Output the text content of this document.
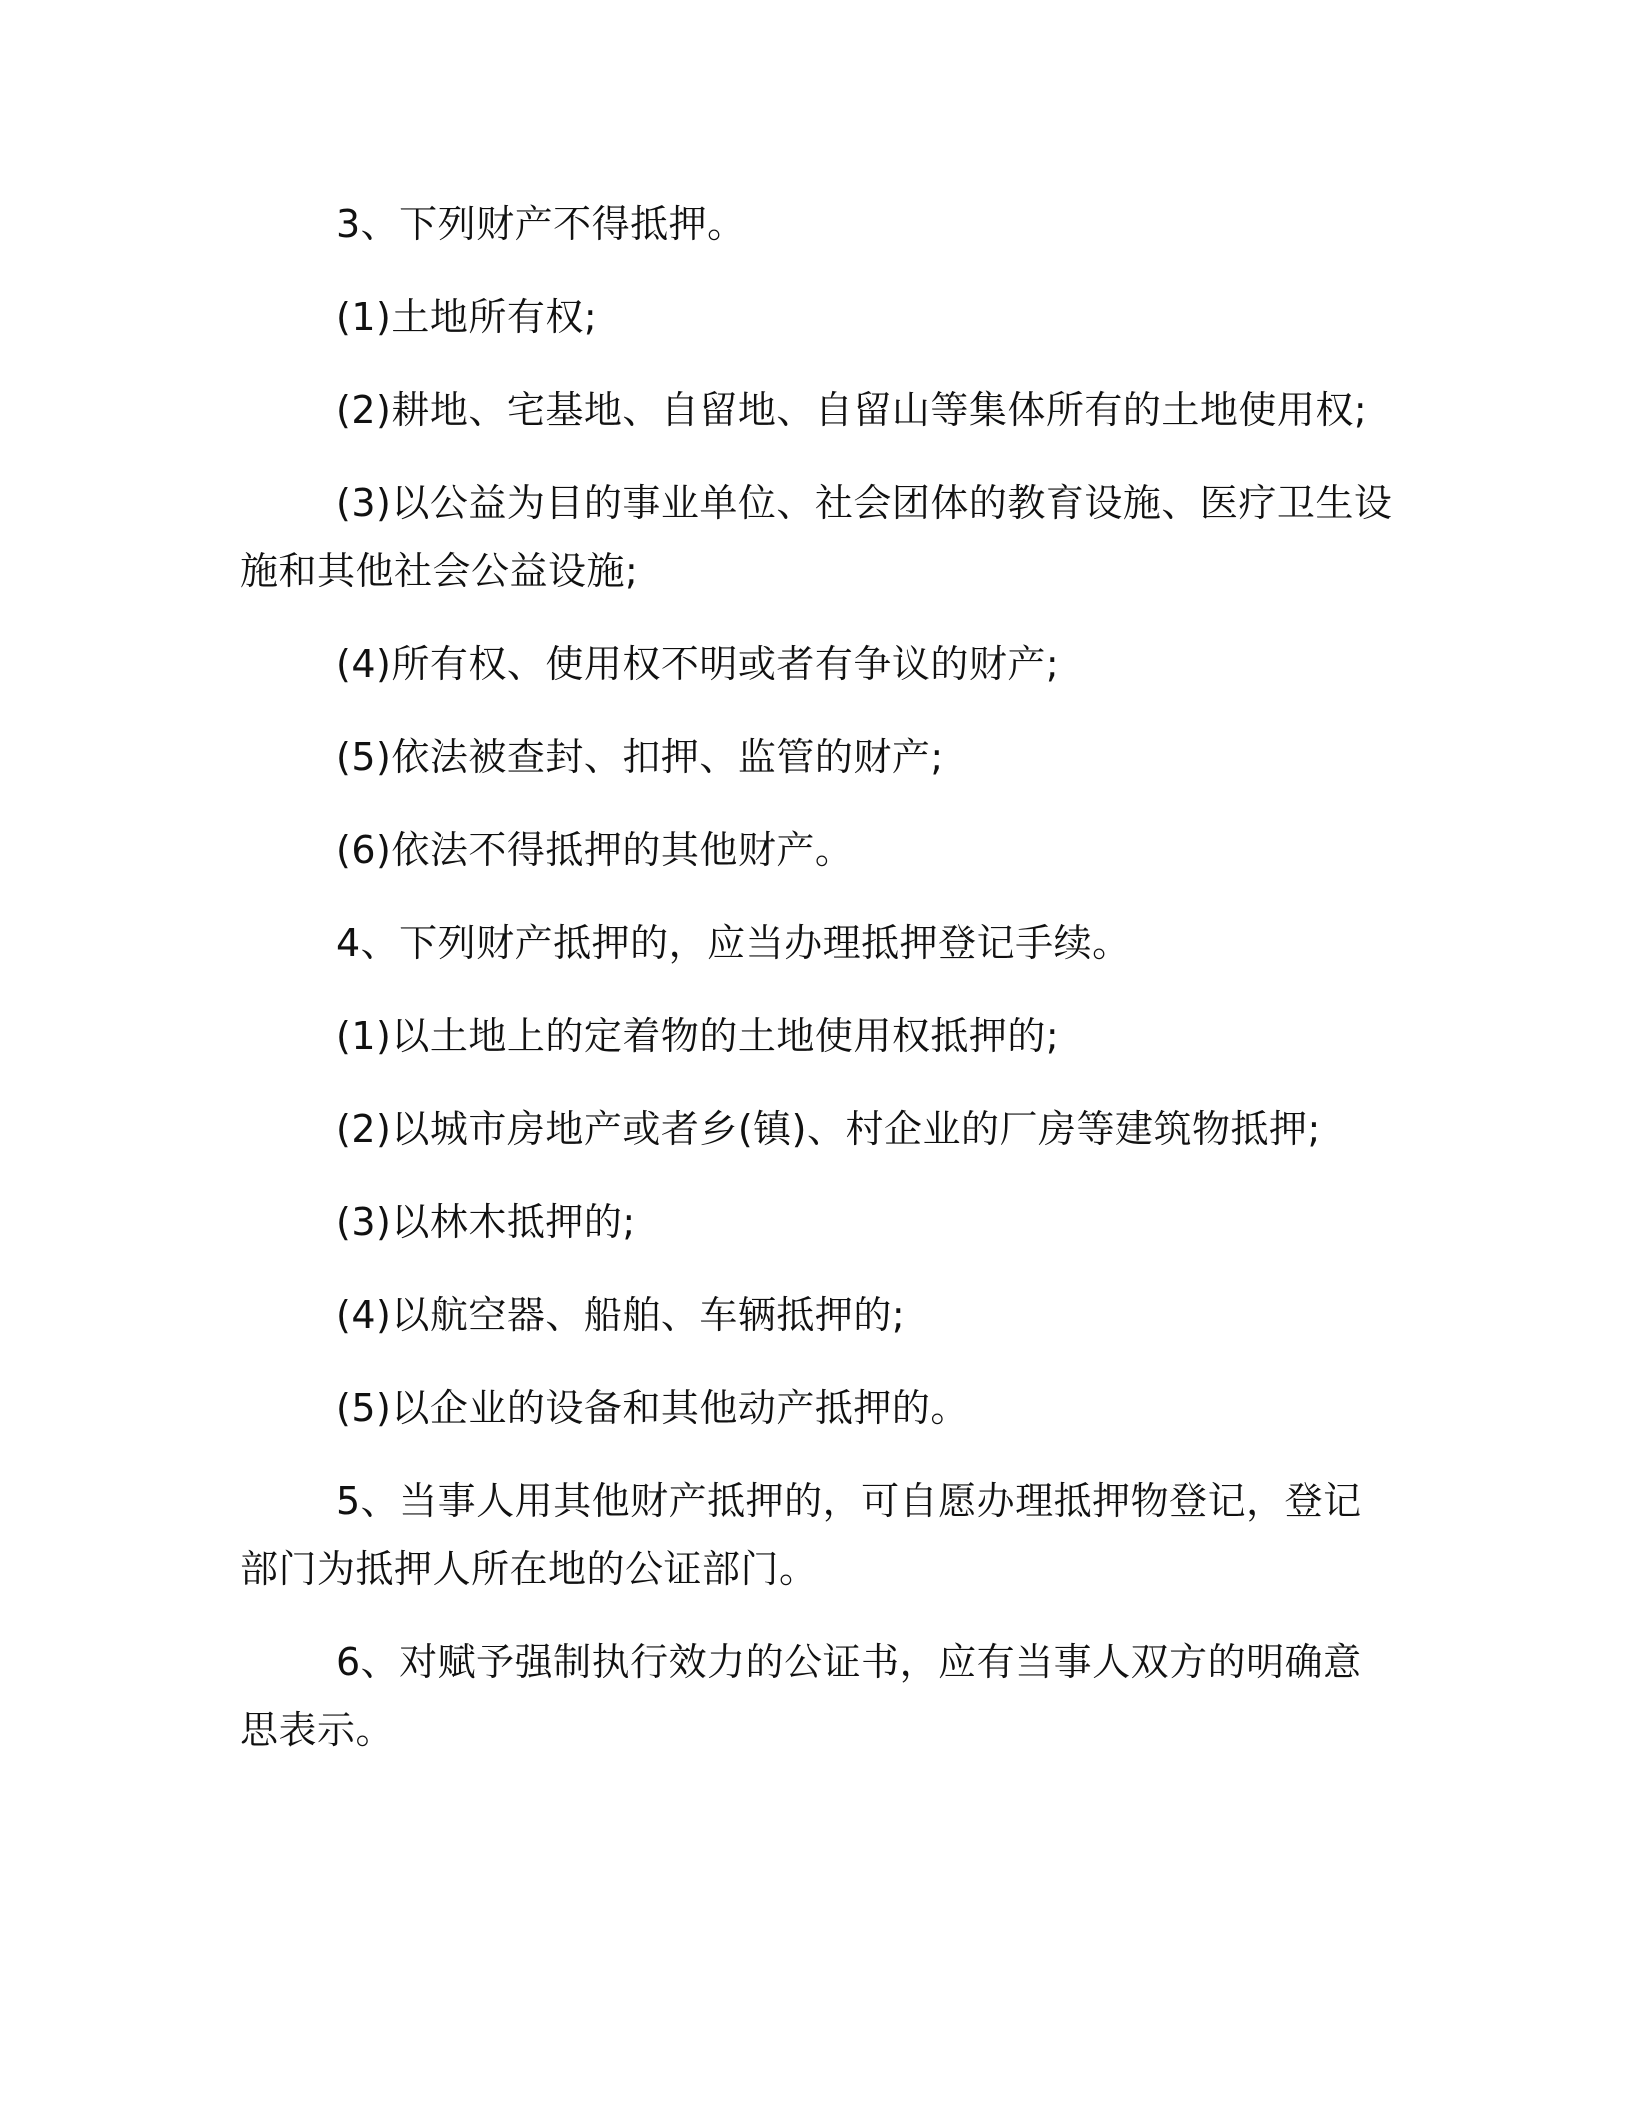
3、下列财产不得抵押。

(1)土地所有权;

(2)耕地、宅基地、自留地、自留山等集体所有的土地使用权;

(3)以公益为目的事业单位、社会团体的教育设施、医疗卫生设施和其他社会公益设施;

(4)所有权、使用权不明或者有争议的财产;

(5)依法被查封、扣押、监管的财产;

(6)依法不得抵押的其他财产。

4、下列财产抵押的，应当办理抵押登记手续。

(1)以土地上的定着物的土地使用权抵押的;

(2)以城市房地产或者乡(镇)、村企业的厂房等建筑物抵押;

(3)以林木抵押的;

(4)以航空器、船舶、车辆抵押的;

(5)以企业的设备和其他动产抵押的。

5、当事人用其他财产抵押的，可自愿办理抵押物登记，登记部门为抵押人所在地的公证部门。

6、对赋予强制执行效力的公证书，应有当事人双方的明确意思表示。
